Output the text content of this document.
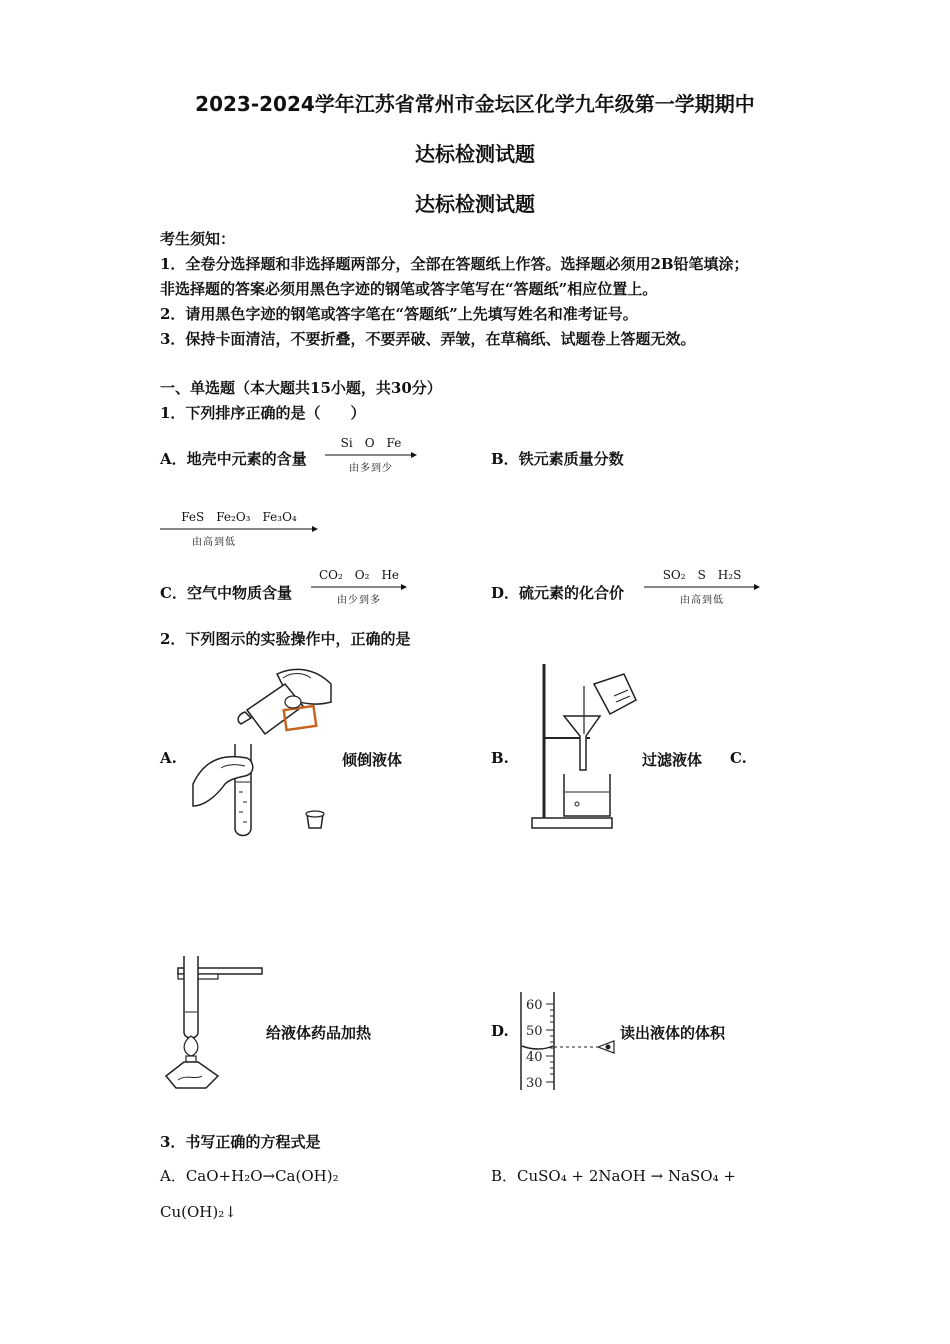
2023-2024学年江苏省常州市金坛区化学九年级第一学期期中
达标检测试题
达标检测试题
考生须知：
1．全卷分选择题和非选择题两部分，全部在答题纸上作答。选择题必须用2B铅笔填涂；
非选择题的答案必须用黑色字迹的钢笔或答字笔写在“答题纸”相应位置上。
2．请用黑色字迹的钢笔或答字笔在“答题纸”上先填写姓名和准考证号。
3．保持卡面清洁，不要折叠，不要弄破、弄皱，在草稿纸、试题卷上答题无效。
一、单选题（本大题共15小题，共30分）
1．下列排序正确的是（　　）
A．地壳中元素的含量
Si　O　Fe
由多到少
B．铁元素质量分数
FeS　Fe₂O₃　Fe₃O₄
由高到低
C．空气中物质含量
CO₂　O₂　He
由少到多	D．硫元素的化合价
SO₂　S　H₂S
由高到低
2．下列图示的实验操作中，正确的是
A.	倾倒液体	B.	过滤液体 C.
给液体药品加热	D.
60
50
40
30
读出液体的体积
3．书写正确的方程式是
A．CaO+H₂O→Ca(OH)₂	B．CuSO₄ + 2NaOH → NaSO₄ +
Cu(OH)₂↓
